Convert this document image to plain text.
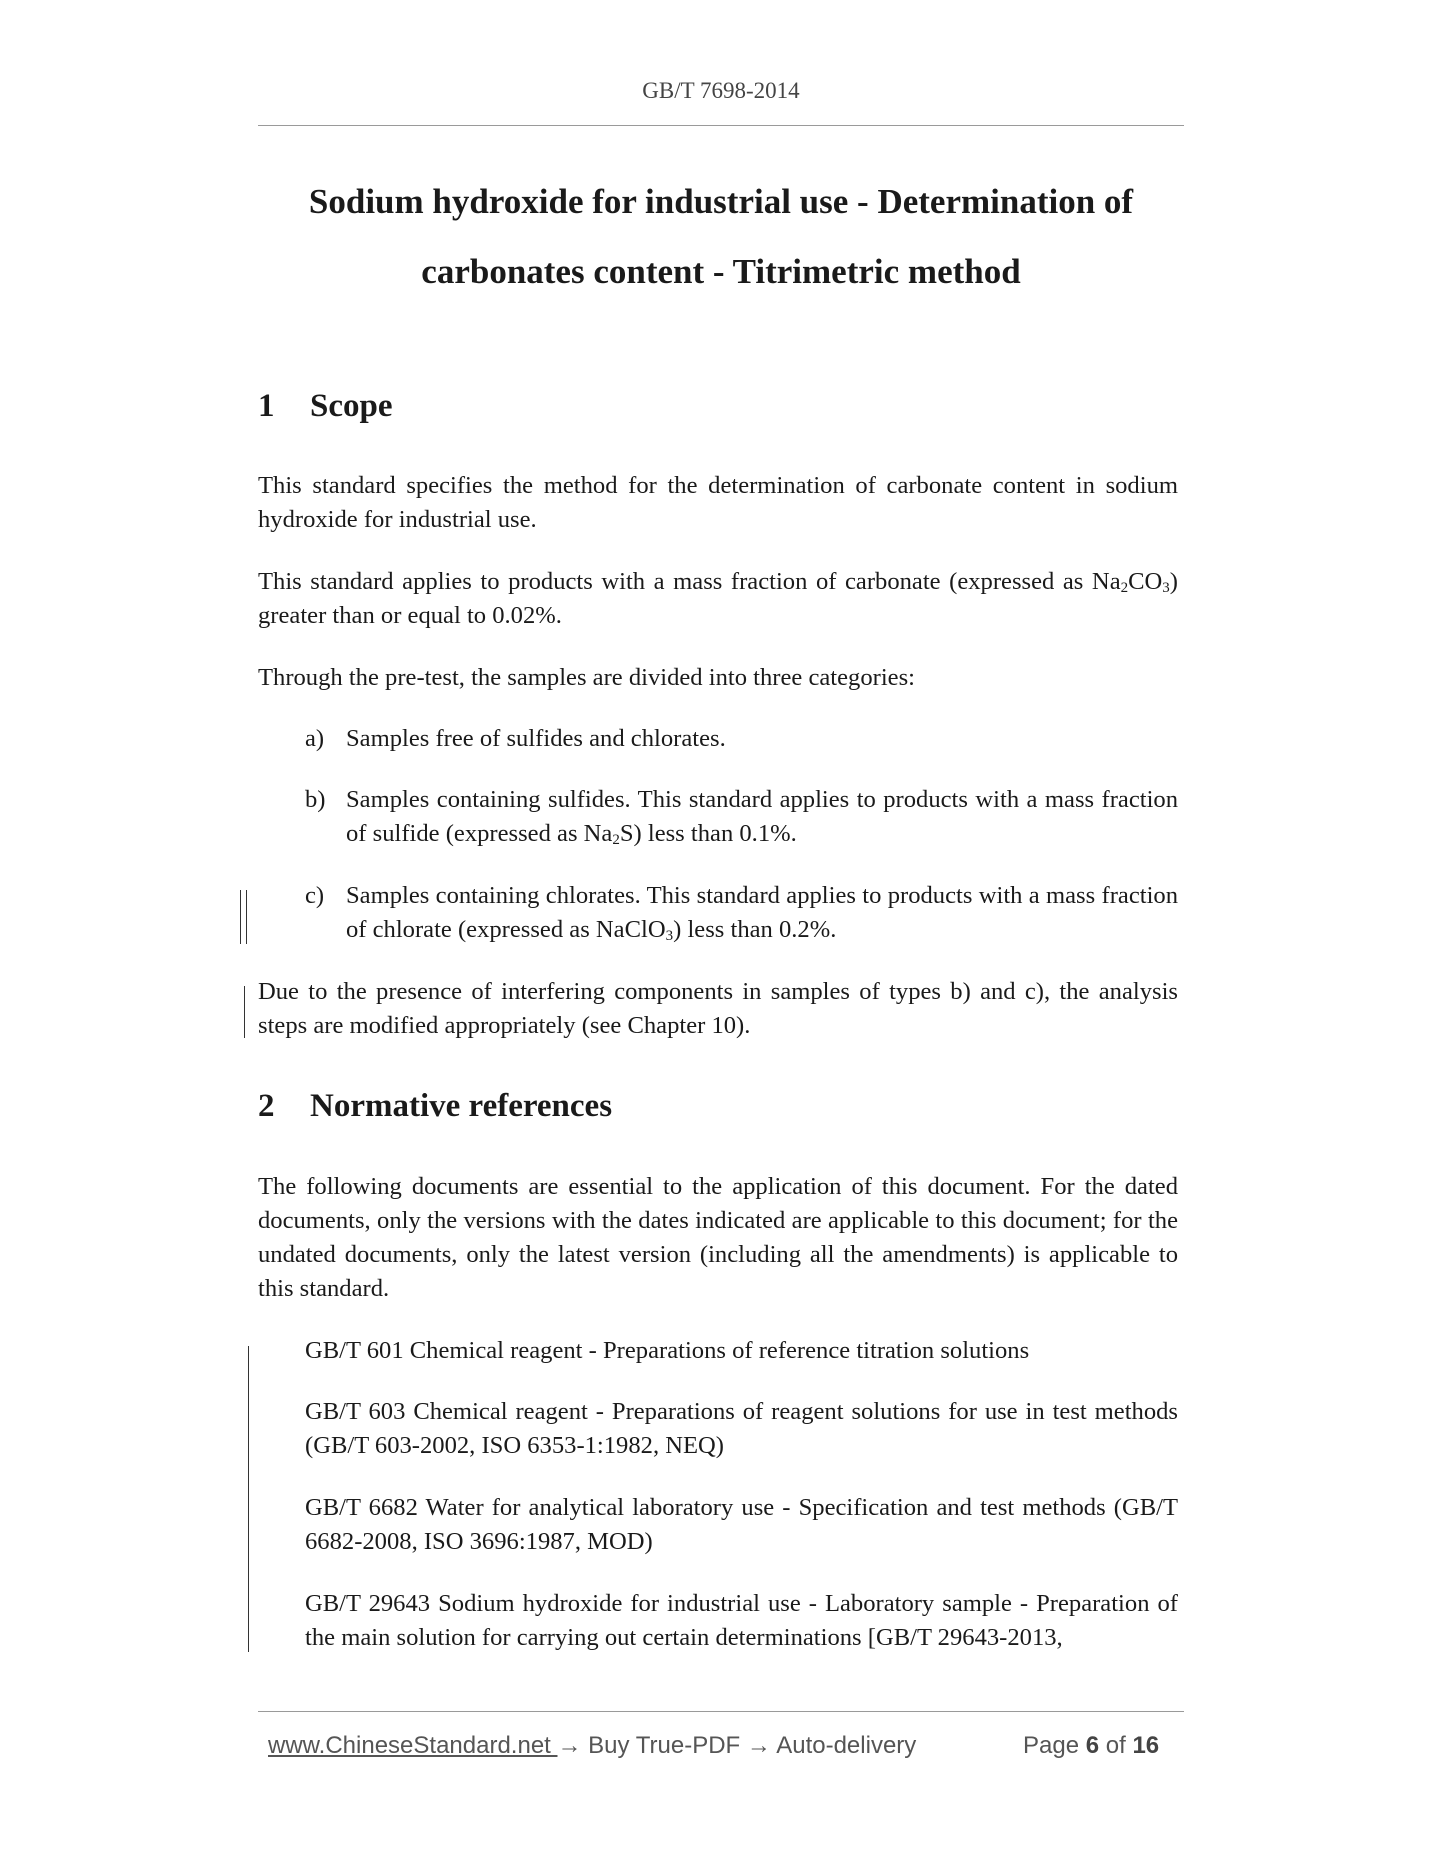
GB/T 7698-2014
Sodium hydroxide for industrial use - Determination of
carbonates content - Titrimetric method
1 Scope
This standard specifies the method for the determination of carbonate content in sodium hydroxide for industrial use.
This standard applies to products with a mass fraction of carbonate (expressed as $Na_2CO_3$) greater than or equal to 0.02%.
Through the pre-test, the samples are divided into three categories:
a) Samples free of sulfides and chlorates.
b) Samples containing sulfides. This standard applies to products with a mass fraction of sulfide (expressed as $Na_2S$) less than 0.1%.
c) Samples containing chlorates. This standard applies to products with a mass fraction of chlorate (expressed as NaClO$_3$) less than 0.2%.
Due to the presence of interfering components in samples of types b) and c), the analysis steps are modified appropriately (see Chapter 10).
2 Normative references
The following documents are essential to the application of this document. For the dated documents, only the versions with the dates indicated are applicable to this document; for the undated documents, only the latest version (including all the amendments) is applicable to this standard.
GB/T 601 Chemical reagent - Preparations of reference titration solutions
GB/T 603 Chemical reagent - Preparations of reagent solutions for use in test methods (GB/T 603-2002, ISO 6353-1:1982, NEQ)
GB/T 6682 Water for analytical laboratory use - Specification and test methods (GB/T 6682-2008, ISO 3696:1987, MOD)
GB/T 29643 Sodium hydroxide for industrial use - Laboratory sample - Preparation of the main solution for carrying out certain determinations [GB/T 29643-2013,
www.ChineseStandard.net → Buy True-PDF → Auto-delivery	Page 6 of 16
